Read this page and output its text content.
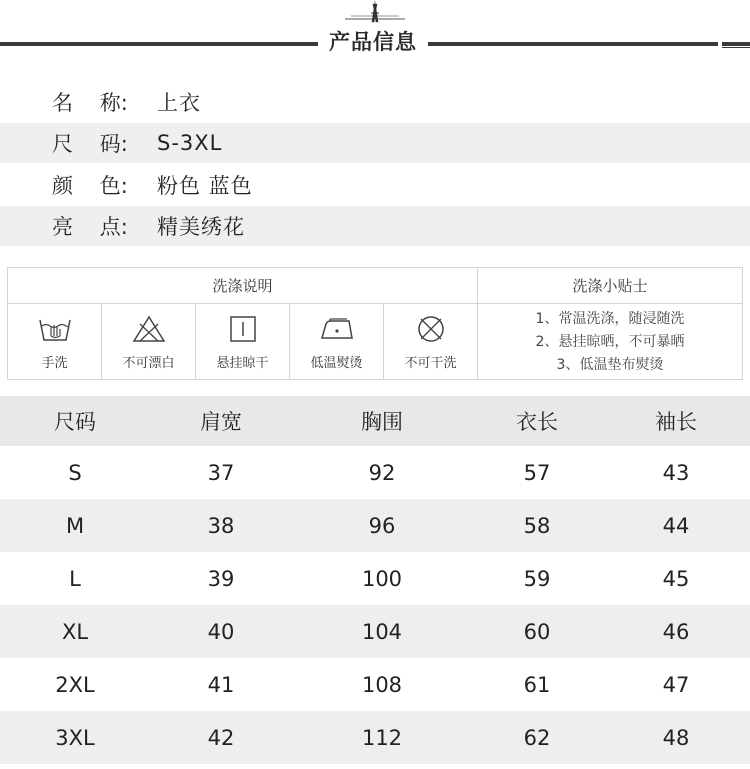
产品信息
名    称:	上衣
尺    码:	S-3XL
颜    色:	粉色 蓝色
亮    点:	精美绣花
洗涤说明
手洗	不可漂白	悬挂晾干	低温熨烫	不可干洗
洗涤小贴士
1、常温洗涤，随浸随洗
2、悬挂晾晒，不可暴晒
3、低温垫布熨烫
尺码	肩宽	胸围	衣长	袖长
S	37	92	57	43
M	38	96	58	44
L	39	100	59	45
XL	40	104	60	46
2XL	41	108	61	47
3XL	42	112	62	48
